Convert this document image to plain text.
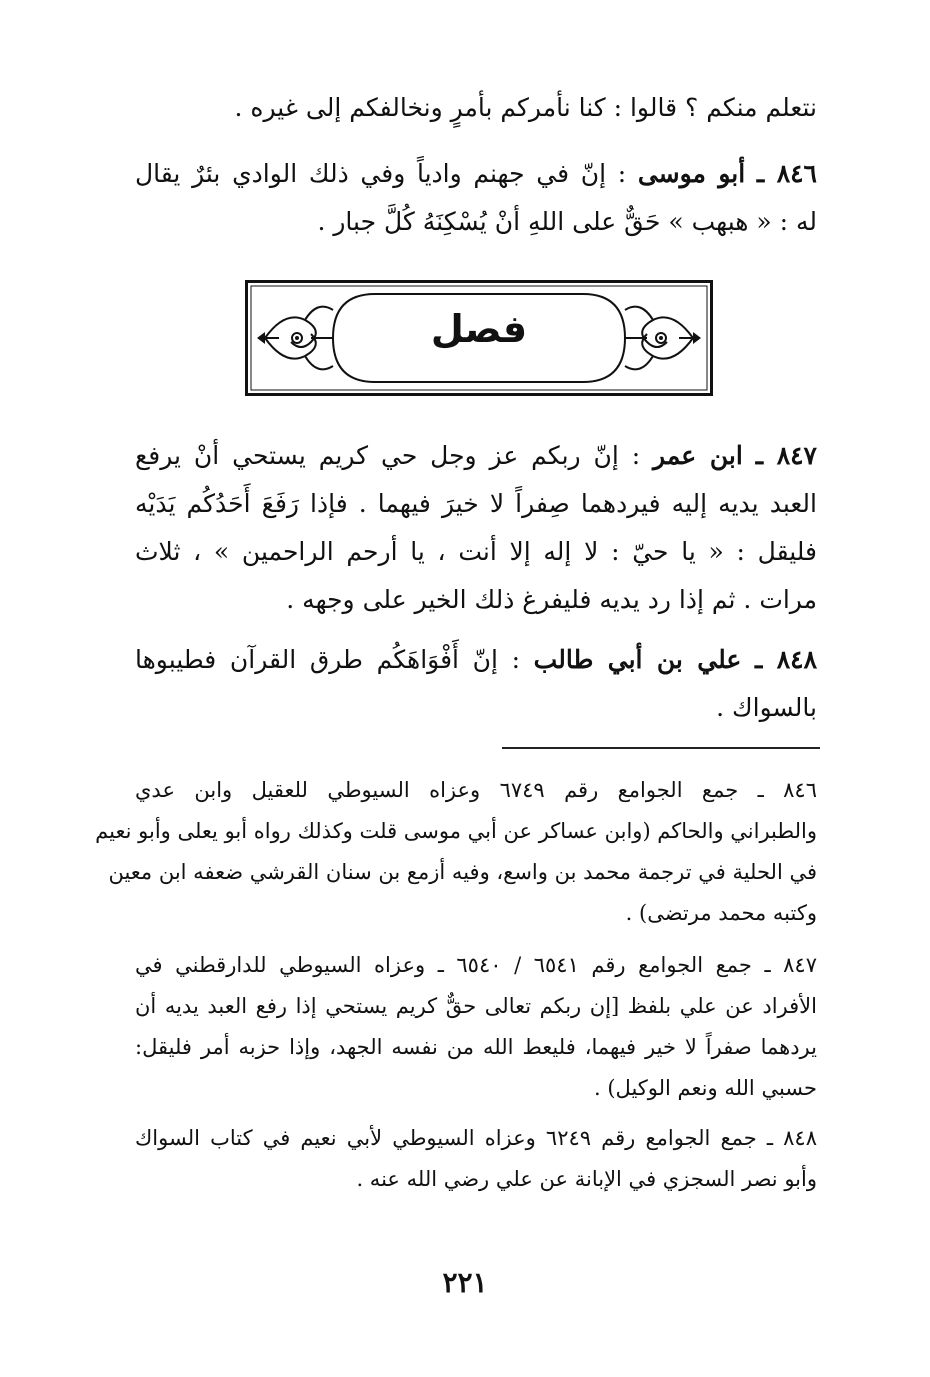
نتعلم منكم ؟ قالوا : كنا نأمركم بأمرٍ ونخالفكم إلى غيره .
٨٤٦ ـ أبو موسى : إنّ في جهنم وادياً وفي ذلك الوادي بئرٌ يقال
له : « هبهب » حَقٌّ على اللهِ أنْ يُسْكِنَهُ كُلَّ جبار .
فصل
٨٤٧ ـ ابن عمر : إنّ ربكم عز وجل حي كريم يستحي أنْ يرفع
العبد يديه إليه فيردهما صِفراً لا خيرَ فيهما . فإذا رَفَعَ أَحَدُكُم يَدَيْه
فليقل : « يا حيّ : لا إله إلا أنت ، يا أرحم الراحمين » ، ثلاث
مرات . ثم إذا رد يديه فليفرغ ذلك الخير على وجهه .
٨٤٨ ـ علي بن أبي طالب : إنّ أَفْوَاهَكُم طرق القرآن فطيبوها
بالسواك .
٨٤٦ ـ جمع الجوامع رقم ٦٧٤٩ وعزاه السيوطي للعقيل وابن عدي
والطبراني والحاكم (وابن عساكر عن أبي موسى قلت وكذلك رواه أبو يعلى وأبو نعيم
في الحلية في ترجمة محمد بن واسع، وفيه أزمع بن سنان القرشي ضعفه ابن معين
وكتبه محمد مرتضى) .
٨٤٧ ـ جمع الجوامع رقم ٦٥٤١ / ٦٥٤٠ ـ وعزاه السيوطي للدارقطني في
الأفراد عن علي بلفظ [إن ربكم تعالى حقٌّ كريم يستحي إذا رفع العبد يديه أن
يردهما صفراً لا خير فيهما، فليعط الله من نفسه الجهد، وإذا حزبه أمر فليقل:
حسبي الله ونعم الوكيل) .
٨٤٨ ـ جمع الجوامع رقم ٦٢٤٩ وعزاه السيوطي لأبي نعيم في كتاب السواك
وأبو نصر السجزي في الإبانة عن علي رضي الله عنه .
٢٢١
